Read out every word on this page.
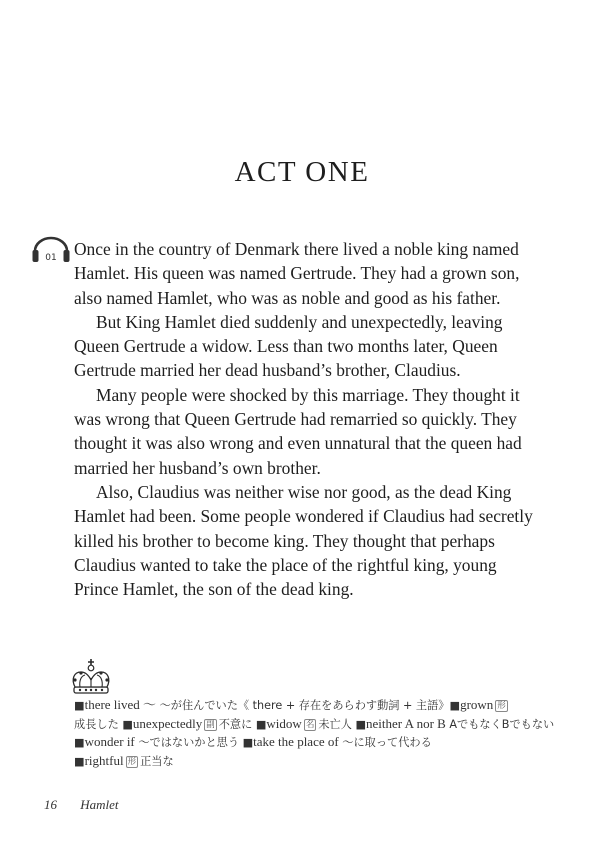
ACT ONE
01 Once in the country of Denmark there lived a noble king named

Hamlet. His queen was named Gertrude. They had a grown son,

also named Hamlet, who was as noble and good as his father.

But King Hamlet died suddenly and unexpectedly, leaving

Queen Gertrude a widow. Less than two months later, Queen

Gertrude married her dead husband’s brother, Claudius.

Many people were shocked by this marriage. They thought it

was wrong that Queen Gertrude had remarried so quickly. They

thought it was also wrong and even unnatural that the queen had

married her husband’s own brother.

Also, Claudius was neither wise nor good, as the dead King

Hamlet had been. Some people wondered if Claudius had secretly

killed his brother to become king. They thought that perhaps

Claudius wanted to take the place of the rightful king, young

Prince Hamlet, the son of the dead king.

■there lived ～ ～が住んでいた《 there + 存在をあらわす動詞 + 主語》■grown 形
成長した ■unexpectedly 副 不意に ■widow 名 未亡人 ■neither A nor B AでもなくBでもない
■wonder if ～ではないかと思う ■take the place of ～に取って代わる
■rightful 形 正当な
16 Hamlet
